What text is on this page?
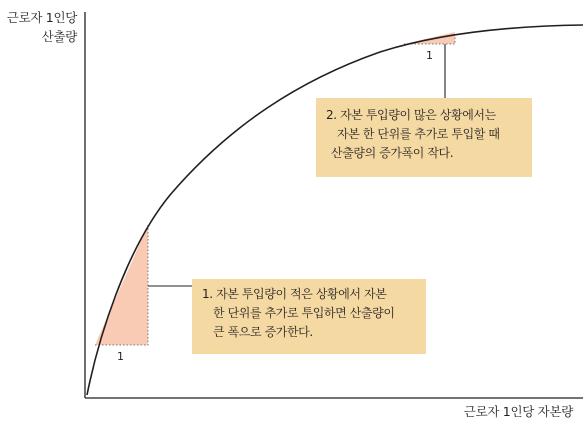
근로자 1인당
산출량
1
1

1. 자본 투입량이 적은 상황에서 자본

한 단위를 추가로 투입하면 산출량이

큰 폭으로 증가한다.

2. 자본 투입량이 많은 상황에서는

자본 한 단위를 추가로 투입할 때

산출량의 증가폭이 작다.

근로자 1인당 자본량
